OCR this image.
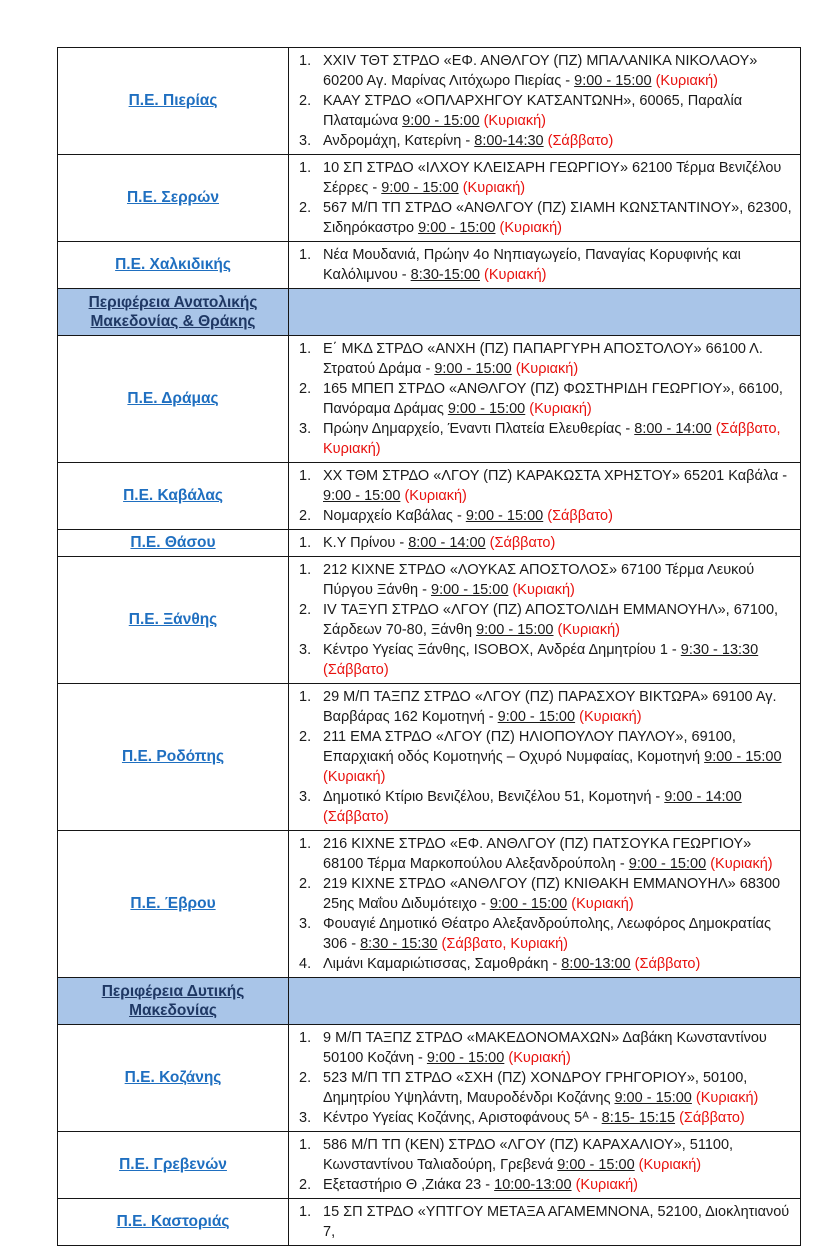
Π.Ε. Πιερίας	
1. XXIV ΤΘΤ ΣΤΡΔΟ «ΕΦ. ΑΝΘΛΓΟΥ (ΠΖ) ΜΠΑΛΑΝΙΚΑ ΝΙΚΟΛΑΟΥ» 60200 Αγ. Μαρίνας Λιτόχωρο Πιερίας - 9:00 - 15:00 (Κυριακή)
2. ΚΑΑΥ ΣΤΡΔΟ «ΟΠΛΑΡΧΗΓΟΥ ΚΑΤΣΑΝΤΩΝΗ», 60065, Παραλία Πλαταμώνα 9:00 - 15:00 (Κυριακή)
3. Ανδρομάχη, Κατερίνη - 8:00-14:30 (Σάββατο)

Π.Ε. Σερρών	1. 10 ΣΠ ΣΤΡΔΟ «ΙΛΧΟΥ ΚΛΕΙΣΑΡΗ ΓΕΩΡΓΙΟΥ» 62100 Τέρμα Βενιζέλου Σέρρες - 9:00 - 15:00 (Κυριακή)
2. 567 Μ/Π ΤΠ ΣΤΡΔΟ «ΑΝΘΛΓΟΥ (ΠΖ) ΣΙΑΜΗ ΚΩΝΣΤΑΝΤΙΝΟΥ», 62300, Σιδηρόκαστρο 9:00 - 15:00 (Κυριακή)

Π.Ε. Χαλκιδικής	1. Νέα Μουδανιά, Πρώην 4ο Νηπιαγωγείο, Παναγίας Κορυφινής και Καλόλιμνου - 8:30-15:00 (Κυριακή)

Περιφέρεια Ανατολικής Μακεδονίας & Θράκης	
Π.Ε. Δράμας	
1. Ε΄ ΜΚΔ ΣΤΡΔΟ «ΑΝΧΗ (ΠΖ) ΠΑΠΑΡΓΥΡΗ ΑΠΟΣΤΟΛΟΥ» 66100 Λ. Στρατού Δράμα - 9:00 - 15:00 (Κυριακή)
2. 165 ΜΠΕΠ ΣΤΡΔΟ «ΑΝΘΛΓΟΥ (ΠΖ) ΦΩΣΤΗΡΙΔΗ ΓΕΩΡΓΙΟΥ», 66100, Πανόραμα Δράμας 9:00 - 15:00 (Κυριακή)
3. Πρώην Δημαρχείο, Έναντι Πλατεία Ελευθερίας - 8:00 - 14:00 (Σάββατο, Κυριακή)

Π.Ε. Καβάλας	1. ΧΧ ΤΘΜ ΣΤΡΔΟ «ΛΓΟΥ (ΠΖ) ΚΑΡΑΚΩΣΤΑ ΧΡΗΣΤΟΥ» 65201 Καβάλα - 9:00 - 15:00 (Κυριακή)
2. Νομαρχείο Καβάλας - 9:00 - 15:00 (Σάββατο)

Π.Ε. Θάσου	1. Κ.Υ Πρίνου - 8:00 - 14:00 (Σάββατο)

Π.Ε. Ξάνθης	
1. 212 ΚΙΧΝΕ ΣΤΡΔΟ «ΛΟΥΚΑΣ ΑΠΟΣΤΟΛΟΣ» 67100 Τέρμα Λευκού Πύργου Ξάνθη - 9:00 - 15:00 (Κυριακή)
2. IV ΤΑΞΥΠ ΣΤΡΔΟ «ΛΓΟΥ (ΠΖ) ΑΠΟΣΤΟΛΙΔΗ ΕΜΜΑΝΟΥΗΛ», 67100, Σάρδεων 70-80, Ξάνθη 9:00 - 15:00 (Κυριακή)
3. Κέντρο Υγείας Ξάνθης, ISOBOX, Ανδρέα Δημητρίου 1 - 9:30 - 13:30 (Σάββατο)

Π.Ε. Ροδόπης	
1. 29 Μ/Π ΤΑΞΠΖ ΣΤΡΔΟ «ΛΓΟΥ (ΠΖ) ΠΑΡΑΣΧΟΥ ΒΙΚΤΩΡΑ» 69100 Αγ. Βαρβάρας 162 Κομοτηνή - 9:00 - 15:00 (Κυριακή)
2. 211 ΕΜΑ ΣΤΡΔΟ «ΛΓΟΥ (ΠΖ) ΗΛΙΟΠΟΥΛΟΥ ΠΑΥΛΟΥ», 69100, Επαρχιακή οδός Κομοτηνής – Οχυρό Νυμφαίας, Κομοτηνή 9:00 - 15:00 (Κυριακή)
3. Δημοτικό Κτίριο Βενιζέλου, Βενιζέλου 51, Κομοτηνή - 9:00 - 14:00 (Σάββατο)

Π.Ε. Έβρου	
1. 216 ΚΙΧΝΕ ΣΤΡΔΟ «ΕΦ. ΑΝΘΛΓΟΥ (ΠΖ) ΠΑΤΣΟΥΚΑ ΓΕΩΡΓΙΟΥ» 68100 Τέρμα Μαρκοπούλου Αλεξανδρούπολη - 9:00 - 15:00 (Κυριακή)
2. 219 ΚΙΧΝΕ ΣΤΡΔΟ «ΑΝΘΛΓΟΥ (ΠΖ) ΚΝΙΘΑΚΗ ΕΜΜΑΝΟΥΗΛ» 68300 25ης Μαΐου Διδυμότειχο - 9:00 - 15:00 (Κυριακή)
3. Φουαγιέ Δημοτικό Θέατρο Αλεξανδρούπολης, Λεωφόρος Δημοκρατίας 306 - 8:30 - 15:30 (Σάββατο, Κυριακή)
4. Λιμάνι Καμαριώτισσας, Σαμοθράκη - 8:00-13:00 (Σάββατο)

Περιφέρεια Δυτικής Μακεδονίας	
Π.Ε. Κοζάνης	
1. 9 Μ/Π ΤΑΞΠΖ ΣΤΡΔΟ «ΜΑΚΕΔΟΝΟΜΑΧΩΝ» Δαβάκη Κωνσταντίνου 50100 Κοζάνη - 9:00 - 15:00 (Κυριακή)
2. 523 Μ/Π ΤΠ ΣΤΡΔΟ «ΣΧΗ (ΠΖ) ΧΟΝΔΡΟΥ ΓΡΗΓΟΡΙΟΥ», 50100, Δημητρίου Υψηλάντη, Μαυροδένδρι Κοζάνης 9:00 - 15:00 (Κυριακή)
3. Κέντρο Υγείας Κοζάνης, Αριστοφάνους 5ᴬ - 8:15- 15:15 (Σάββατο)

Π.Ε. Γρεβενών	1. 586 Μ/Π ΤΠ (ΚΕΝ) ΣΤΡΔΟ «ΛΓΟΥ (ΠΖ) ΚΑΡΑΧΑΛΙΟΥ», 51100, Κωνσταντίνου Ταλιαδούρη, Γρεβενά 9:00 - 15:00 (Κυριακή)
2. Εξεταστήριο Θ ,Ζιάκα 23 - 10:00-13:00 (Κυριακή)

Π.Ε. Καστοριάς	1. 15 ΣΠ ΣΤΡΔΟ «ΥΠΤΓΟΥ ΜΕΤΑΞΑ ΑΓΑΜΕΜΝΟΝΑ, 52100, Διοκλητιανού 7,
